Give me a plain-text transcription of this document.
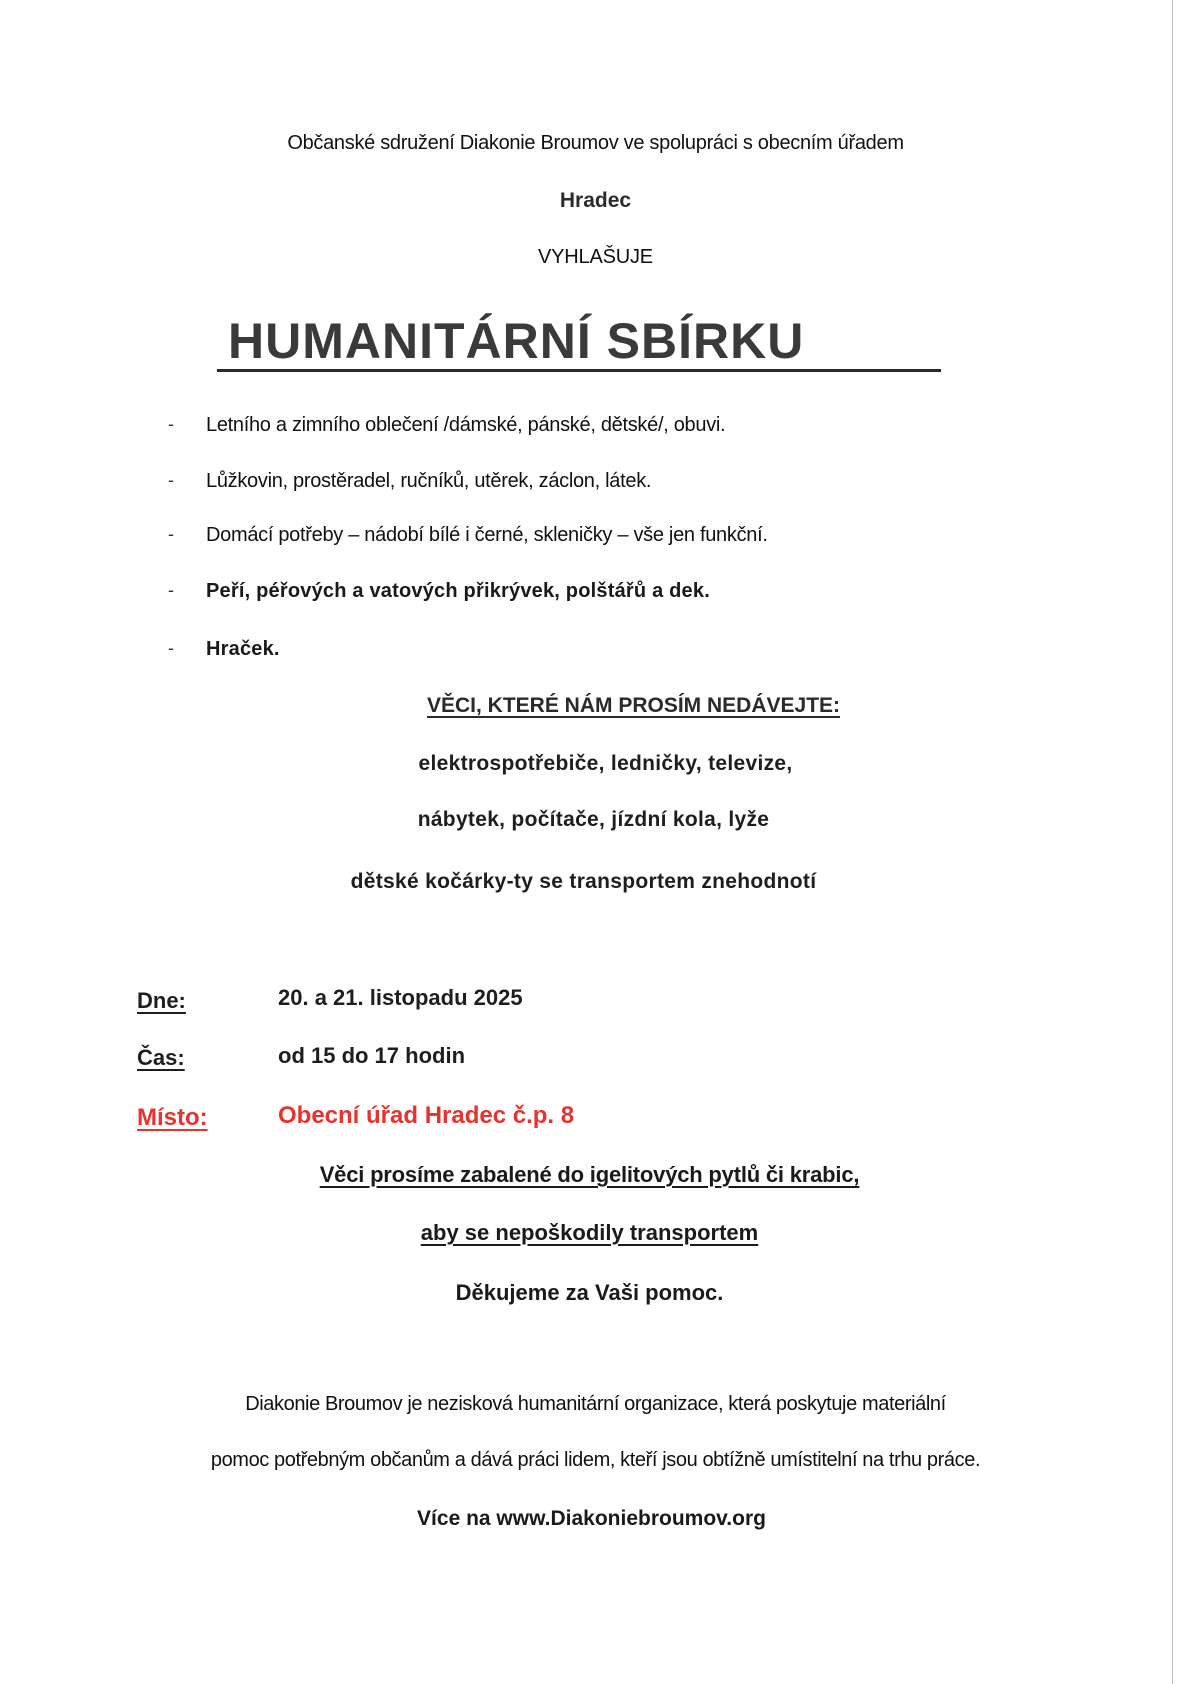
Občanské sdružení Diakonie Broumov ve spolupráci s obecním úřadem
Hradec
VYHLAŠUJE
HUMANITÁRNÍ SBÍRKU
- Letního a zimního oblečení /dámské, pánské, dětské/, obuvi.
- Lůžkovin, prostěradel, ručníků, utěrek, záclon, látek.
- Domácí potřeby – nádobí bílé i černé, skleničky – vše jen funkční.
- Peří, péřových a vatových přikrývek, polštářů a dek.
- Hraček.
VĚCI, KTERÉ NÁM PROSÍM NEDÁVEJTE:
elektrospotřebiče, ledničky, televize,
nábytek, počítače, jízdní kola, lyže
dětské kočárky-ty se transportem znehodnotí
Dne:	20. a 21. listopadu 2025
Čas:	od 15 do 17 hodin
Místo:	Obecní úřad Hradec č.p. 8
Věci prosíme zabalené do igelitových pytlů či krabic,
aby se nepoškodily transportem
Děkujeme za Vaši pomoc.
Diakonie Broumov je nezisková humanitární organizace, která poskytuje materiální
pomoc potřebným občanům a dává práci lidem, kteří jsou obtížně umístitelní na trhu práce.
Více na www.Diakoniebroumov.org
